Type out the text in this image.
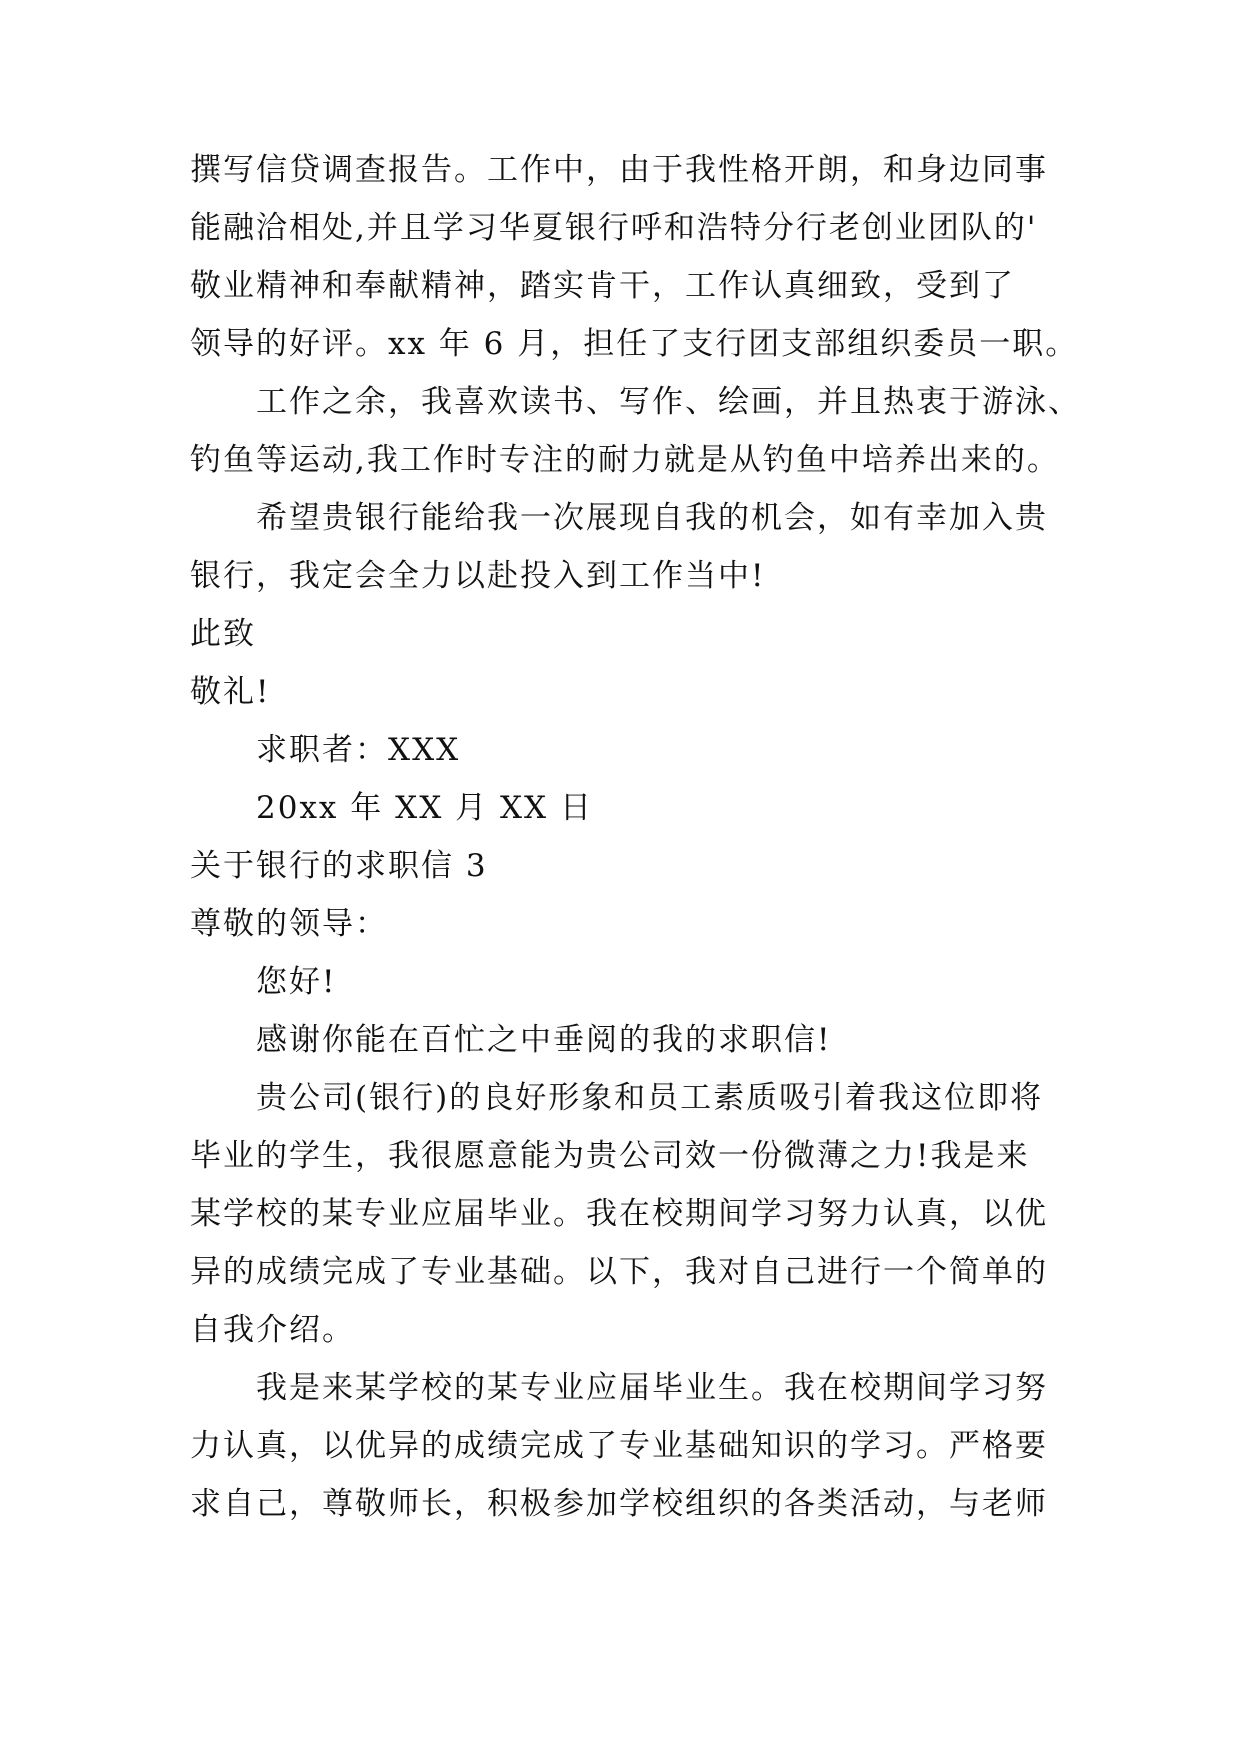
撰写信贷调查报告。工作中，由于我性格开朗，和身边同事
能融洽相处,并且学习华夏银行呼和浩特分行老创业团队的'
敬业精神和奉献精神，踏实肯干，工作认真细致，受到了
领导的好评。xx 年 6 月，担任了支行团支部组织委员一职。
工作之余，我喜欢读书、写作、绘画，并且热衷于游泳、
钓鱼等运动,我工作时专注的耐力就是从钓鱼中培养出来的。
希望贵银行能给我一次展现自我的机会，如有幸加入贵
银行，我定会全力以赴投入到工作当中!
此致
敬礼!
求职者：XXX
20xx 年 XX 月 XX 日
关于银行的求职信 3
尊敬的领导：
您好!
感谢你能在百忙之中垂阅的我的求职信!
贵公司(银行)的良好形象和员工素质吸引着我这位即将
毕业的学生，我很愿意能为贵公司效一份微薄之力!我是来
某学校的某专业应届毕业。我在校期间学习努力认真，以优
异的成绩完成了专业基础。以下，我对自己进行一个简单的
自我介绍。
我是来某学校的某专业应届毕业生。我在校期间学习努
力认真，以优异的成绩完成了专业基础知识的学习。严格要
求自己，尊敬师长，积极参加学校组织的各类活动，与老师
